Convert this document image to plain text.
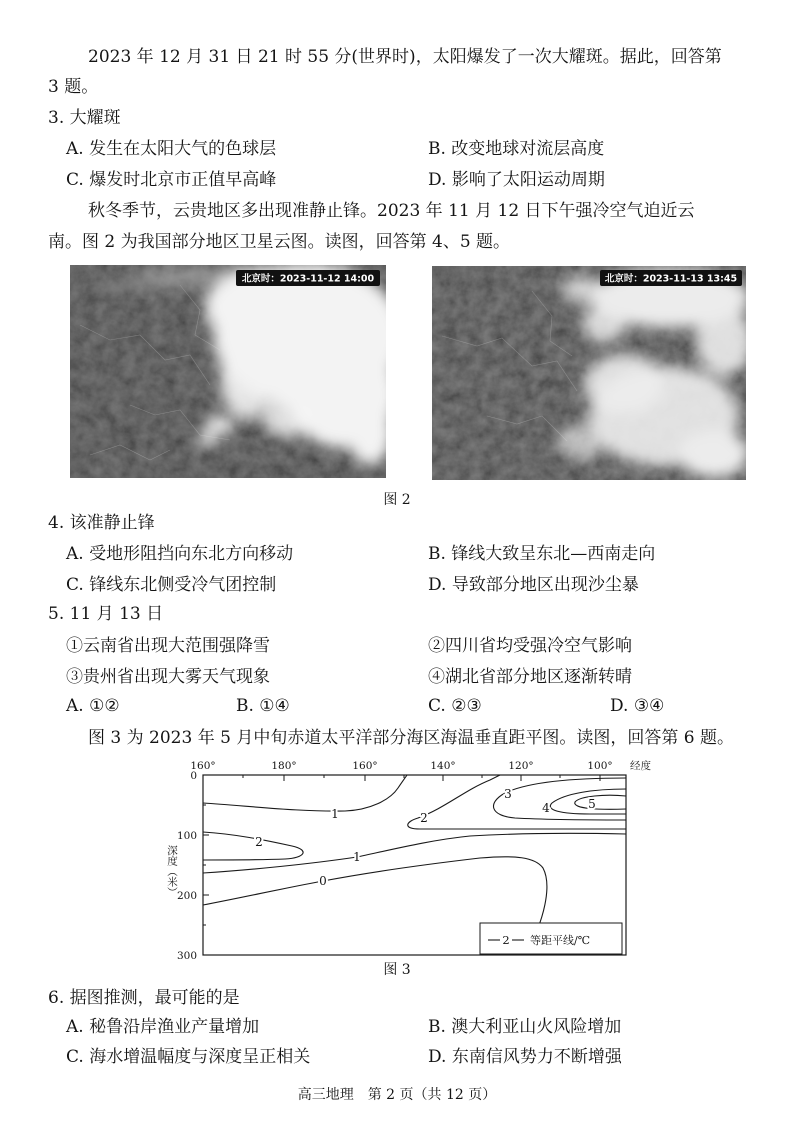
2023 年 12 月 31 日 21 时 55 分(世界时)，太阳爆发了一次大耀斑。据此，回答第
3 题。
3. 大耀斑
A. 发生在太阳大气的色球层	B. 改变地球对流层高度
C. 爆发时北京市正值早高峰	D. 影响了太阳运动周期
秋冬季节，云贵地区多出现准静止锋。2023 年 11 月 12 日下午强冷空气迫近云
南。图 2 为我国部分地区卫星云图。读图，回答第 4、5 题。
北京时：2023-11-12 14:00	北京时：2023-11-13 13:45
图 2
4. 该准静止锋
A. 受地形阻挡向东北方向移动	B. 锋线大致呈东北—西南走向
C. 锋线东北侧受冷气团控制	D. 导致部分地区出现沙尘暴
5. 11 月 13 日
①云南省出现大范围强降雪	②四川省均受强冷空气影响
③贵州省出现大雾天气现象	④湖北省部分地区逐渐转晴
A. ①②	B. ①④	C. ②③	D. ③④
图 3 为 2023 年 5 月中旬赤道太平洋部分海区海温垂直距平图。读图，回答第 6 题。
160°	180°	160°	140°	120°	100° 经度
0
100
200
300
深度（米）
1	2
3
4	5
2
1
0
2 等距平线/℃
图 3
6. 据图推测，最可能的是
A. 秘鲁沿岸渔业产量增加	B. 澳大利亚山火风险增加
C. 海水增温幅度与深度呈正相关	D. 东南信风势力不断增强
高三地理　第 2 页（共 12 页）
